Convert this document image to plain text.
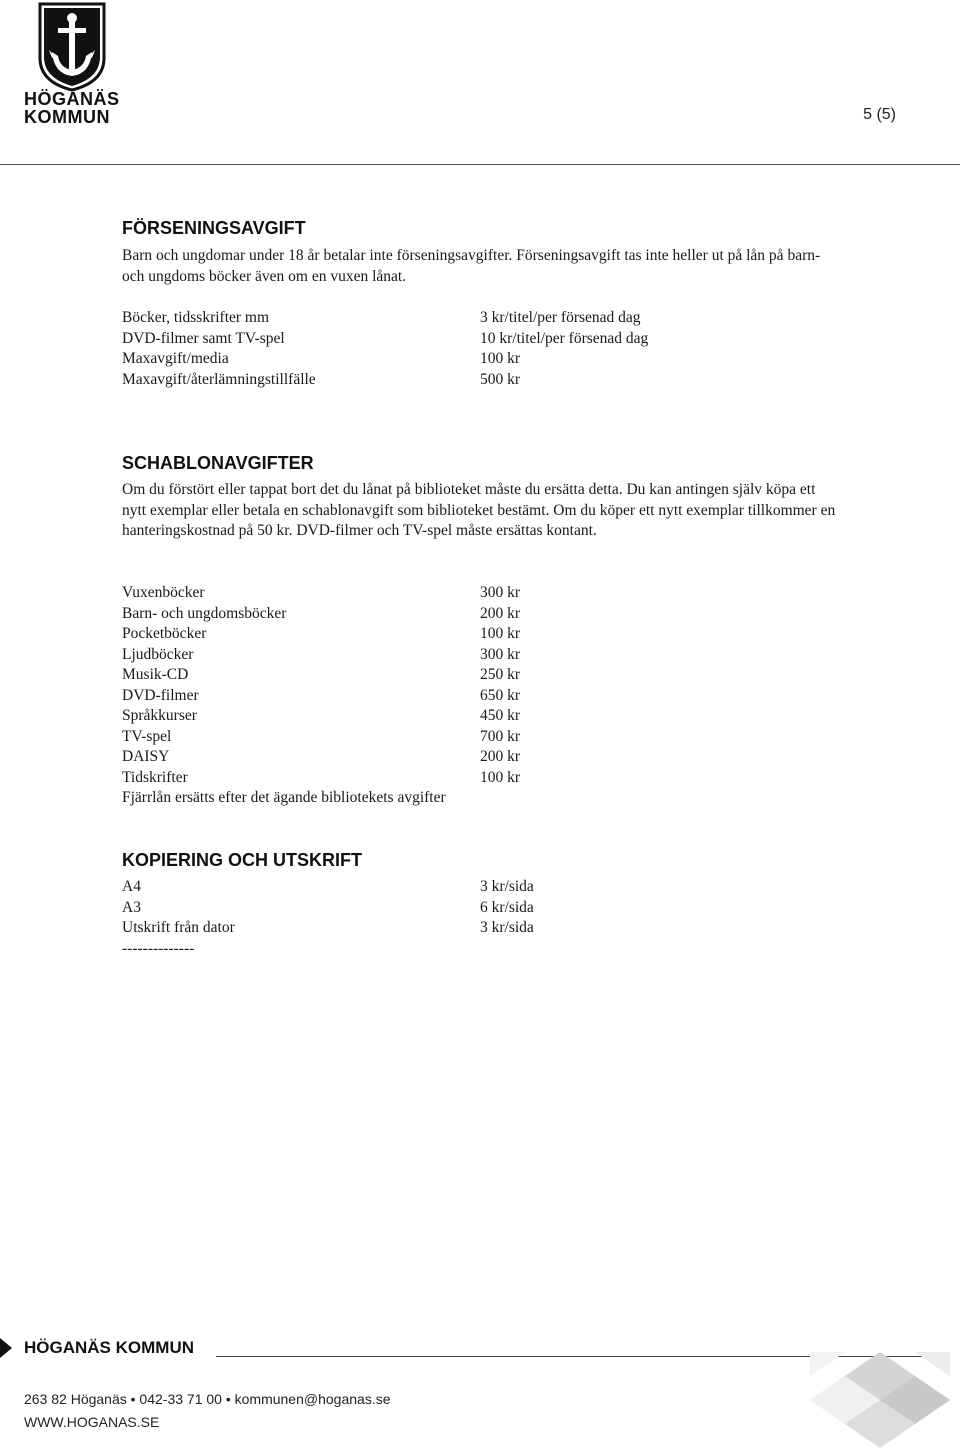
HÖGANÄS
KOMMUN	5 (5)
FÖRSENINGSAVGIFT

Barn och ungdomar under 18 år betalar inte förseningsavgifter. Förseningsavgift tas inte heller ut på lån på barn- och ungdoms böcker även om en vuxen lånat.

Böcker, tidsskrifter mm	3 kr/titel/per försenad dag
DVD-filmer samt TV-spel	10 kr/titel/per försenad dag
Maxavgift/media	100 kr
Maxavgift/återlämningstillfälle	500 kr
SCHABLONAVGIFTER

Om du förstört eller tappat bort det du lånat på biblioteket måste du ersätta detta. Du kan antingen själv köpa ett nytt exemplar eller betala en schablonavgift som biblioteket bestämt. Om du köper ett nytt exemplar tillkommer en hanteringskostnad på 50 kr. DVD-filmer och TV-spel måste ersättas kontant.

Vuxenböcker	300 kr
Barn- och ungdomsböcker	200 kr
Pocketböcker	100 kr
Ljudböcker	300 kr
Musik-CD	250 kr
DVD-filmer	650 kr
Språkkurser	450 kr
TV-spel	700 kr
DAISY	200 kr
Tidskrifter	100 kr
Fjärrlån ersätts efter det ägande bibliotekets avgifter
KOPIERING OCH UTSKRIFT
A4	3 kr/sida
A3	6 kr/sida
Utskrift från dator	3 kr/sida
--------------
HÖGANÄS KOMMUN
263 82 Höganäs • 042-33 71 00 • kommunen@hoganas.se
WWW.HOGANAS.SE
